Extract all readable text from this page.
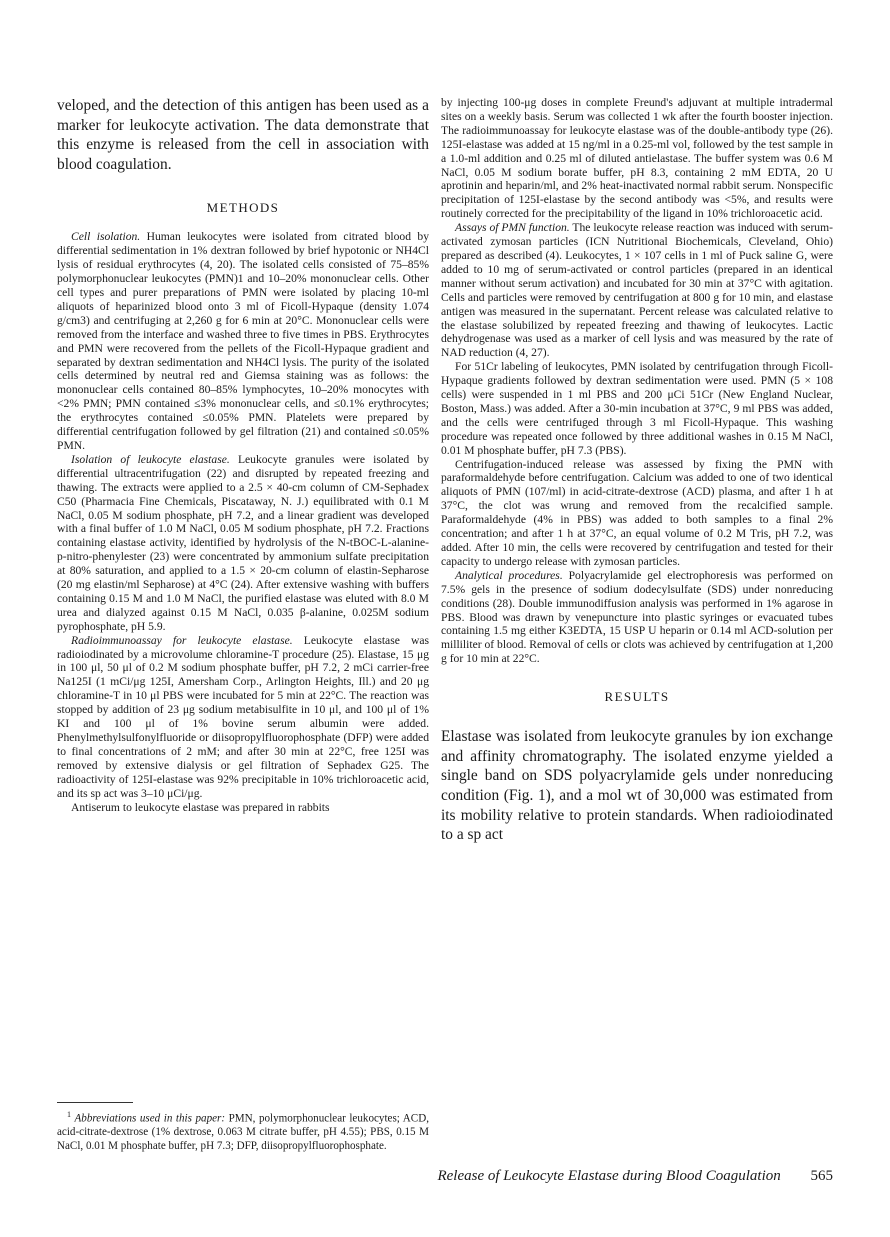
veloped, and the detection of this antigen has been used as a marker for leukocyte activation. The data demonstrate that this enzyme is released from the cell in association with blood coagulation.

METHODS

Cell isolation. Human leukocytes were isolated from citrated blood by differential sedimentation in 1% dextran followed by brief hypotonic or NH4Cl lysis of residual erythrocytes (4, 20). The isolated cells consisted of 75–85% polymorphonuclear leukocytes (PMN)1 and 10–20% mononuclear cells. Other cell types and purer preparations of PMN were isolated by placing 10-ml aliquots of heparinized blood onto 3 ml of Ficoll-Hypaque (density 1.074 g/cm3) and centrifuging at 2,260 g for 6 min at 20°C. Mononuclear cells were removed from the interface and washed three to five times in PBS. Erythrocytes and PMN were recovered from the pellets of the Ficoll-Hypaque gradient and separated by dextran sedimentation and NH4Cl lysis. The purity of the isolated cells determined by neutral red and Giemsa staining was as follows: the mononuclear cells contained 80–85% lymphocytes, 10–20% monocytes with <2% PMN; PMN contained ≤3% mononuclear cells, and ≤0.1% erythrocytes; the erythrocytes contained ≤0.05% PMN. Platelets were prepared by differential centrifugation followed by gel filtration (21) and contained ≤0.05% PMN.

Isolation of leukocyte elastase. Leukocyte granules were isolated by differential ultracentrifugation (22) and disrupted by repeated freezing and thawing. The extracts were applied to a 2.5 × 40-cm column of CM-Sephadex C50 (Pharmacia Fine Chemicals, Piscataway, N. J.) equilibrated with 0.1 M NaCl, 0.05 M sodium phosphate, pH 7.2, and a linear gradient was developed with a final buffer of 1.0 M NaCl, 0.05 M sodium phosphate, pH 7.2. Fractions containing elastase activity, identified by hydrolysis of the N-tBOC-L-alanine-p-nitro-phenylester (23) were concentrated by ammonium sulfate precipitation at 80% saturation, and applied to a 1.5 × 20-cm column of elastin-Sepharose (20 mg elastin/ml Sepharose) at 4°C (24). After extensive washing with buffers containing 0.15 M and 1.0 M NaCl, the purified elastase was eluted with 8.0 M urea and dialyzed against 0.15 M NaCl, 0.035 β-alanine, 0.025M sodium pyrophosphate, pH 5.9.

Radioimmunoassay for leukocyte elastase. Leukocyte elastase was radioiodinated by a microvolume chloramine-T procedure (25). Elastase, 15 μg in 100 μl, 50 μl of 0.2 M sodium phosphate buffer, pH 7.2, 2 mCi carrier-free Na125I (1 mCi/μg 125I, Amersham Corp., Arlington Heights, Ill.) and 20 μg chloramine-T in 10 μl PBS were incubated for 5 min at 22°C. The reaction was stopped by addition of 23 μg sodium metabisulfite in 10 μl, and 100 μl of 1% KI and 100 μl of 1% bovine serum albumin were added. Phenylmethylsulfonylfluoride or diisopropylfluorophosphate (DFP) were added to final concentrations of 2 mM; and after 30 min at 22°C, free 125I was removed by extensive dialysis or gel filtration of Sephadex G25. The radioactivity of 125I-elastase was 92% precipitable in 10% trichloroacetic acid, and its sp act was 3–10 μCi/μg.

Antiserum to leukocyte elastase was prepared in rabbits

$^1$ Abbreviations used in this paper: PMN, polymorphonuclear leukocytes; ACD, acid-citrate-dextrose (1% dextrose, 0.063 M citrate buffer, pH 4.55); PBS, 0.15 M NaCl, 0.01 M phosphate buffer, pH 7.3; DFP, diisopropylfluorophosphate.

by injecting 100-μg doses in complete Freund's adjuvant at multiple intradermal sites on a weekly basis. Serum was collected 1 wk after the fourth booster injection. The radioimmunoassay for leukocyte elastase was of the double-antibody type (26). 125I-elastase was added at 15 ng/ml in a 0.25-ml vol, followed by the test sample in a 1.0-ml addition and 0.25 ml of diluted antielastase. The buffer system was 0.6 M NaCl, 0.05 M sodium borate buffer, pH 8.3, containing 2 mM EDTA, 20 U aprotinin and heparin/ml, and 2% heat-inactivated normal rabbit serum. Nonspecific precipitation of 125I-elastase by the second antibody was <5%, and results were routinely corrected for the precipitability of the ligand in 10% trichloroacetic acid.

Assays of PMN function. The leukocyte release reaction was induced with serum-activated zymosan particles (ICN Nutritional Biochemicals, Cleveland, Ohio) prepared as described (4). Leukocytes, 1 × 107 cells in 1 ml of Puck saline G, were added to 10 mg of serum-activated or control particles (prepared in an identical manner without serum activation) and incubated for 30 min at 37°C with agitation. Cells and particles were removed by centrifugation at 800 g for 10 min, and elastase antigen was measured in the supernatant. Percent release was calculated relative to the elastase solubilized by repeated freezing and thawing of leukocytes. Lactic dehydrogenase was used as a marker of cell lysis and was measured by the rate of NAD reduction (4, 27).

For 51Cr labeling of leukocytes, PMN isolated by centrifugation through Ficoll-Hypaque gradients followed by dextran sedimentation were used. PMN (5 × 108 cells) were suspended in 1 ml PBS and 200 μCi 51Cr (New England Nuclear, Boston, Mass.) was added. After a 30-min incubation at 37°C, 9 ml PBS was added, and the cells were centrifuged through 3 ml Ficoll-Hypaque. This washing procedure was repeated once followed by three additional washes in 0.15 M NaCl, 0.01 M phosphate buffer, pH 7.3 (PBS).

Centrifugation-induced release was assessed by fixing the PMN with paraformaldehyde before centrifugation. Calcium was added to one of two identical aliquots of PMN (107/ml) in acid-citrate-dextrose (ACD) plasma, and after 1 h at 37°C, the clot was wrung and removed from the recalcified sample. Paraformaldehyde (4% in PBS) was added to both samples to a final 2% concentration; and after 1 h at 37°C, an equal volume of 0.2 M Tris, pH 7.2, was added. After 10 min, the cells were recovered by centrifugation and tested for their capacity to undergo release with zymosan particles.

Analytical procedures. Polyacrylamide gel electrophoresis was performed on 7.5% gels in the presence of sodium dodecylsulfate (SDS) under nonreducing conditions (28). Double immunodiffusion analysis was performed in 1% agarose in PBS. Blood was drawn by venepuncture into plastic syringes or evacuated tubes containing 1.5 mg either K3EDTA, 15 USP U heparin or 0.14 ml ACD-solution per milliliter of blood. Removal of cells or clots was achieved by centrifugation at 1,200 g for 10 min at 22°C.

RESULTS

Elastase was isolated from leukocyte granules by ion exchange and affinity chromatography. The isolated enzyme yielded a single band on SDS polyacrylamide gels under nonreducing condition (Fig. 1), and a mol wt of 30,000 was estimated from its mobility relative to protein standards. When radioiodinated to a sp act

Release of Leukocyte Elastase during Blood Coagulation 565
